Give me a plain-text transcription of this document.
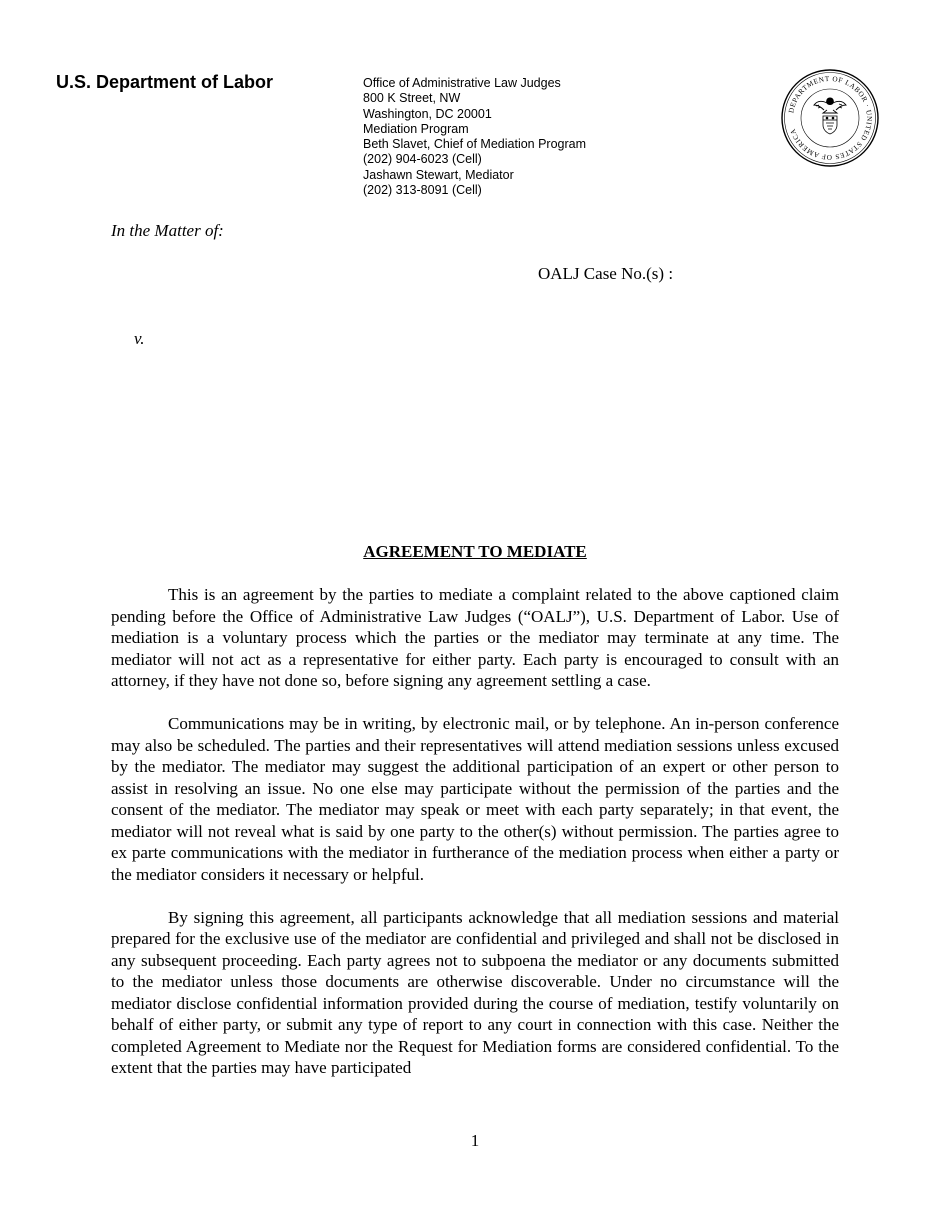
U.S. Department of Labor	Office of Administrative Law Judges
800 K Street, NW
Washington, DC 20001
Mediation Program
Beth Slavet, Chief of Mediation Program
(202) 904-6023 (Cell)
Jashawn Stewart, Mediator
(202) 313-8091 (Cell)
DEPARTMENT OF LABOR · UNITED STATES OF AMERICA
In the Matter of:
OALJ Case No.(s) :
v.
AGREEMENT TO MEDIATE

This is an agreement by the parties to mediate a complaint related to the above captioned claim pending before the Office of Administrative Law Judges (“OALJ”), U.S. Department of Labor. Use of mediation is a voluntary process which the parties or the mediator may terminate at any time. The mediator will not act as a representative for either party. Each party is encouraged to consult with an attorney, if they have not done so, before signing any agreement settling a case.

Communications may be in writing, by electronic mail, or by telephone. An in-person conference may also be scheduled. The parties and their representatives will attend mediation sessions unless excused by the mediator. The mediator may suggest the additional participation of an expert or other person to assist in resolving an issue. No one else may participate without the permission of the parties and the consent of the mediator. The mediator may speak or meet with each party separately; in that event, the mediator will not reveal what is said by one party to the other(s) without permission. The parties agree to ex parte communications with the mediator in furtherance of the mediation process when either a party or the mediator considers it necessary or helpful.

By signing this agreement, all participants acknowledge that all mediation sessions and material prepared for the exclusive use of the mediator are confidential and privileged and shall not be disclosed in any subsequent proceeding. Each party agrees not to subpoena the mediator or any documents submitted to the mediator unless those documents are otherwise discoverable. Under no circumstance will the mediator disclose confidential information provided during the course of mediation, testify voluntarily on behalf of either party, or submit any type of report to any court in connection with this case. Neither the completed Agreement to Mediate nor the Request for Mediation forms are considered confidential. To the extent that the parties may have participated

1
